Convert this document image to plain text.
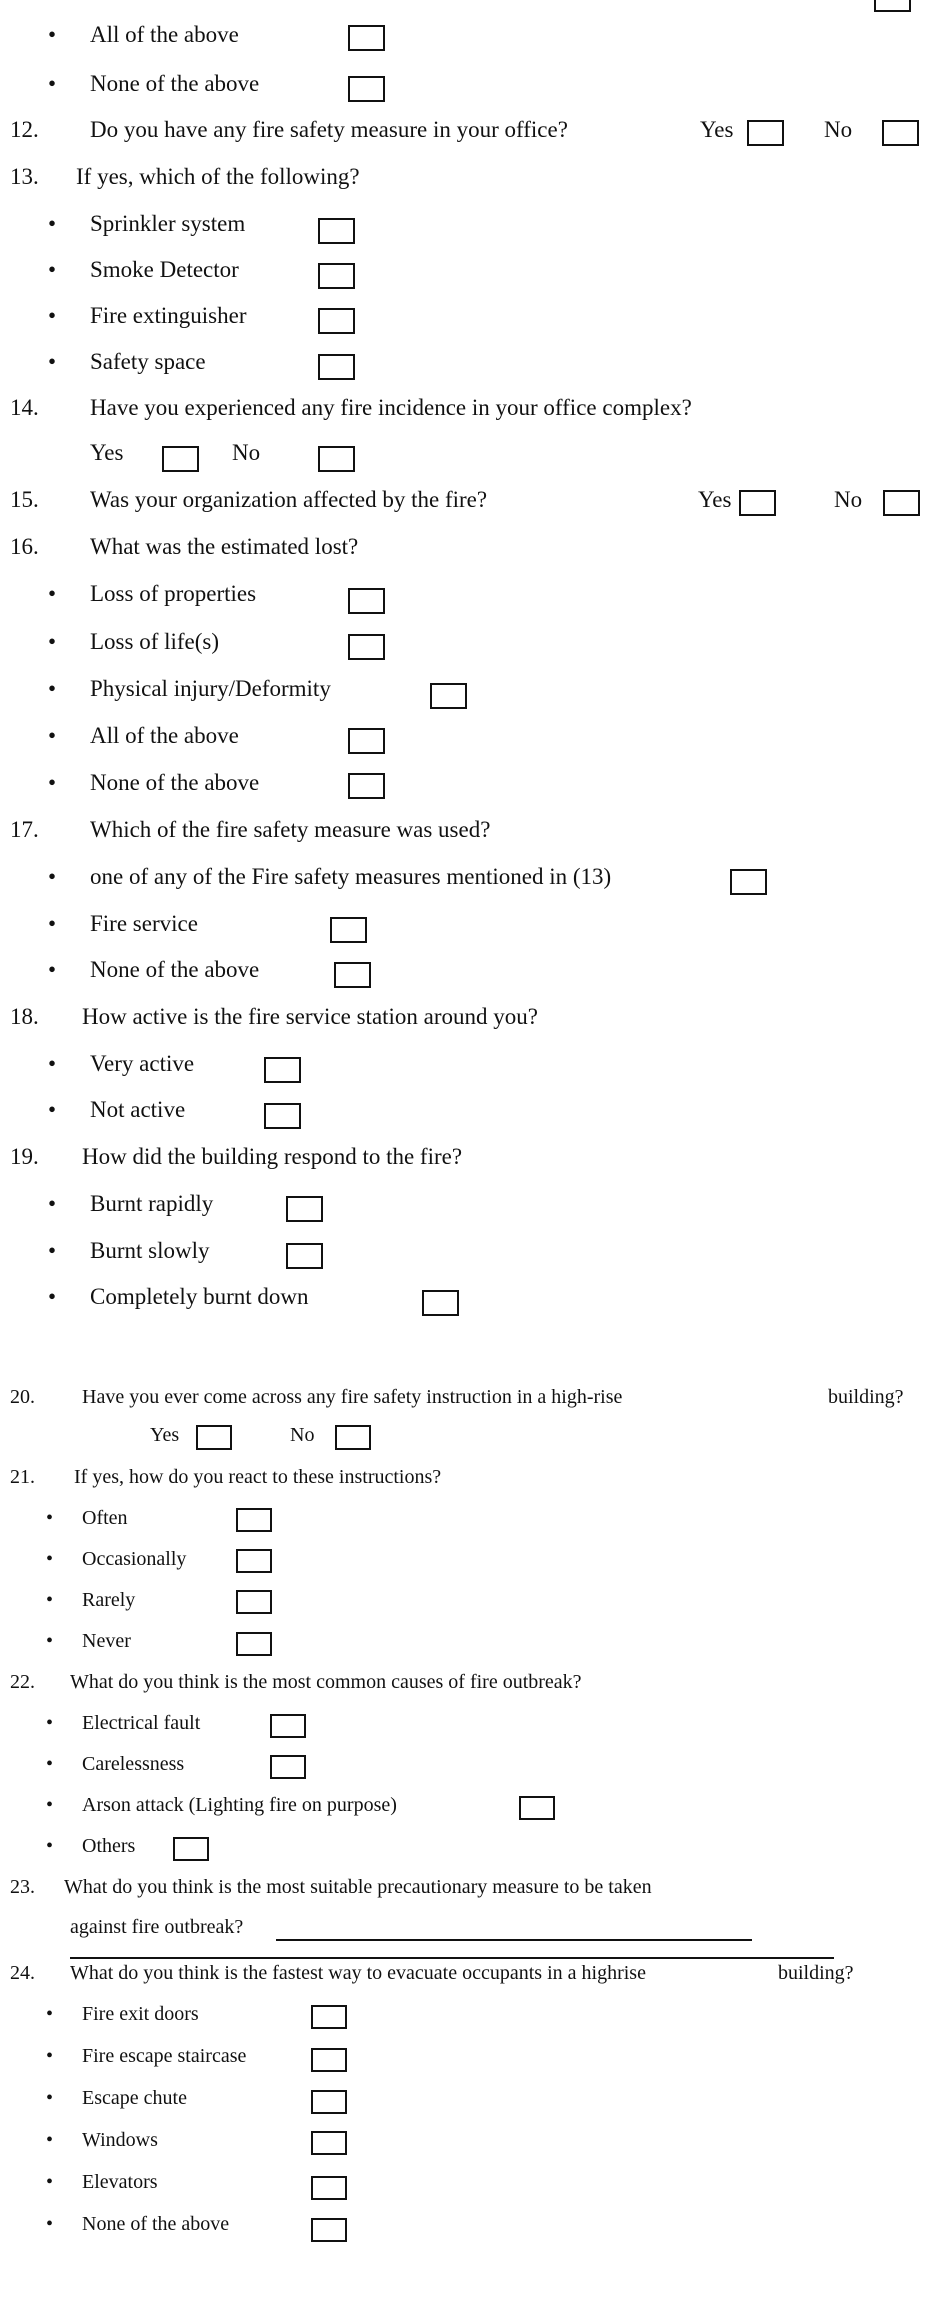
• All of the above
• None of the above
12. Do you have any fire safety measure in your office?	Yes	No
13. If yes, which of the following?
• Sprinkler system
• Smoke Detector
• Fire extinguisher
• Safety space
14. Have you experienced any fire incidence in your office complex?
Yes	No
15. Was your organization affected by the fire?	Yes	No
16. What was the estimated lost?
• Loss of properties
• Loss of life(s)
• Physical injury/Deformity
• All of the above
• None of the above
17. Which of the fire safety measure was used?
• one of any of the Fire safety measures mentioned in (13)
• Fire service
• None of the above
18. How active is the fire service station around you?
• Very active
• Not active
19. How did the building respond to the fire?
• Burnt rapidly
• Burnt slowly
• Completely burnt down
20. Have you ever come across any fire safety instruction in a high-rise	building?
Yes	No
21. If yes, how do you react to these instructions?
• Often
• Occasionally
• Rarely
• Never
22. What do you think is the most common causes of fire outbreak?
• Electrical fault
• Carelessness
• Arson attack (Lighting fire on purpose)
• Others
23. What do you think is the most suitable precautionary measure to be taken
against fire outbreak?
24. What do you think is the fastest way to evacuate occupants in a highrise	building?
• Fire exit doors
• Fire escape staircase
• Escape chute
• Windows
• Elevators
• None of the above
